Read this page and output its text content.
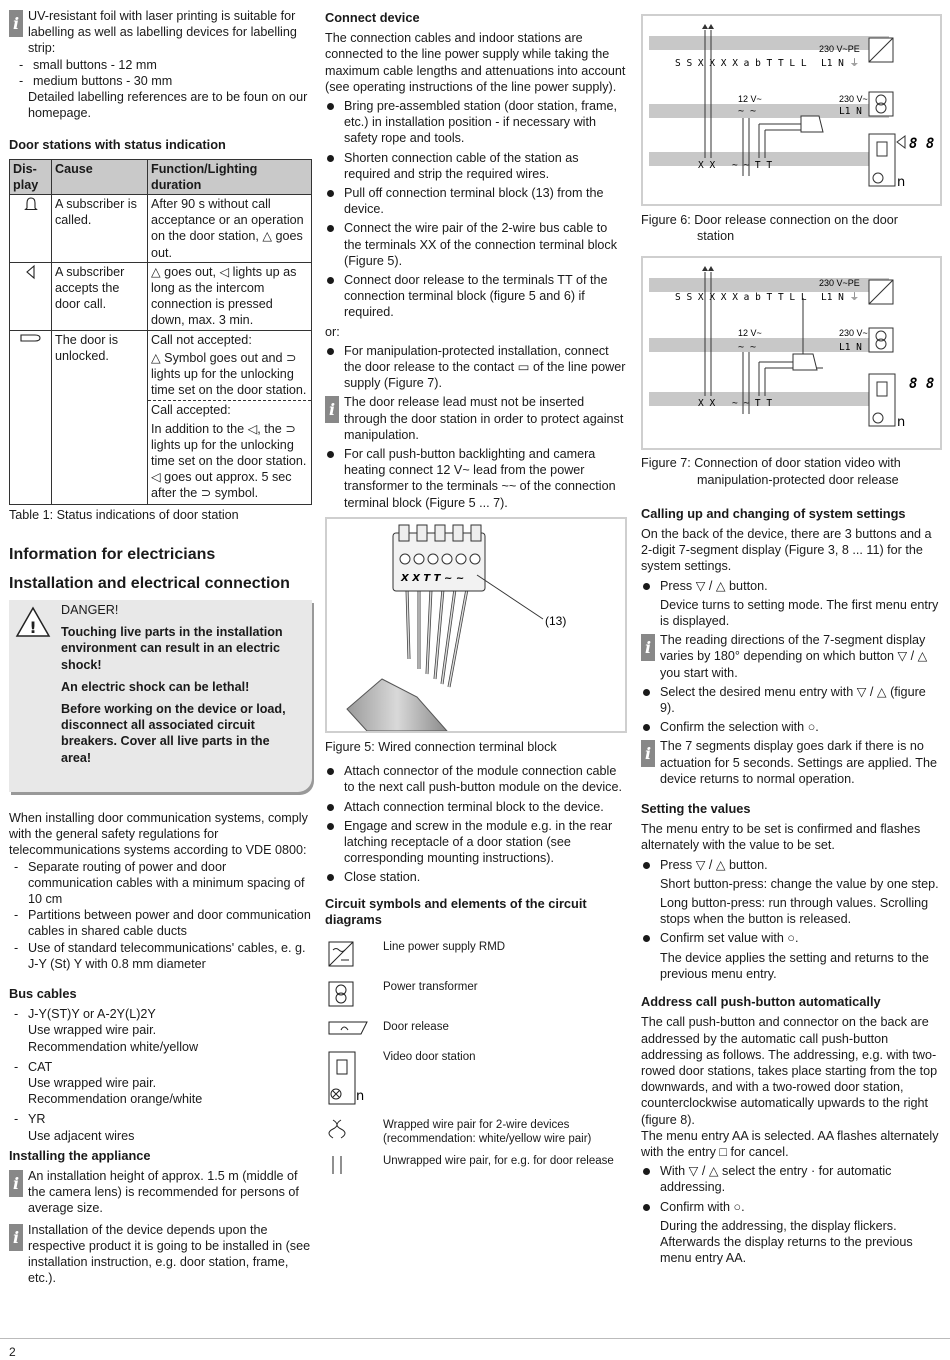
i UV-resistant foil with laser printing is suitable for labelling as well as labelling devices for labelling strip:

- small buttons - 12 mm
- medium buttons - 30 mm

Detailed labelling references are to be foun on our homepage.

Door stations with status indication

Dis-play	Cause	Function/Lighting duration
	A subscriber is called.	After 90 s without call acceptance or an operation on the door station, △ goes out.
	A subscriber accepts the door call.	△ goes out, ◁ lights up as long as the intercom connection is pressed down, max. 3 min.
	The door is unlocked.	Call not accepted:
△ Symbol goes out and ⊃ lights up for the unlocking time set on the door station.
Call accepted:
In addition to the ◁, the ⊃ lights up for the unlocking time set on the door station. ◁ goes out approx. 5 sec after the ⊃ symbol.

Table 1: Status indications of door station

Information for electricians

Installation and electrical connection

!
DANGER!
Touching live parts in the installation environment can result in an electric shock!
An electric shock can be lethal!
Before working on the device or load, disconnect all associated circuit breakers. Cover all live parts in the area!

When installing door communication systems, comply with the general safety regulations for telecommunications systems according to VDE 0800:

- Separate routing of power and door communication cables with a minimum spacing of 10 cm
- Partitions between power and door communication cables in shared cable ducts
- Use of standard telecommunications' cables, e. g. J-Y (St) Y with 0.8 mm diameter

Bus cables

- J-Y(ST)Y or A-2Y(L)2Y
Use wrapped wire pair.
Recommendation white/yellow
- CAT
Use wrapped wire pair.
Recommendation orange/white
- YR
Use adjacent wires

Installing the appliance

i An installation height of approx. 1.5 m (middle of the camera lens) is recommended for persons of average size.

i Installation of the device depends upon the respective product it is going to be installed in (see installation instruction, e.g. door station, frame, etc.).

Connect device

The connection cables and indoor stations are connected to the line power supply while taking the maximum cable lengths and attenuations into account (see operating instructions of the line power supply).

Bring pre-assembled station (door station, frame, etc.) in installation position - if necessary with safety rope and tools.
Shorten connection cable of the station as required and strip the required wires.
Pull off connection terminal block (13) from the device.
Connect the wire pair of the 2-wire bus cable to the terminals XX of the connection terminal block (Figure 5).
Connect door release to the terminals TT of the connection terminal block (figure 5 and 6) if required.

or:

For manipulation-protected installation, connect the door release to the contact ▭ of the line power supply (Figure 7).
i The door release lead must not be inserted through the door station in order to protect against manipulation.

For call push-button backlighting and camera heating connect 12 V~ lead from the power transformer to the terminals ~~ of the connection terminal block (Figure 5 ... 7).
X X T T ~ ~
(13)

Figure 5: Wired connection terminal block

Attach connector of the module connection cable to the next call push-button module on the device.
Attach connection terminal block to the device.
Engage and screw in the module e.g. in the rear latching receptacle of a door station (see corresponding mounting instructions).
Close station.

Circuit symbols and elements of the circuit diagrams

	Line power supply RMD
	Power transformer
	Door release

n	Video door station
	Wrapped wire pair for 2-wire devices (recommendation: white/yellow wire pair)
	Unwrapped wire pair, for e.g. for door release
S S X X X X a b T T L L
230 V~PE
L1 N ⏚
12 V~
~ ~
230 V~
L1 N
X X ~ ~ T T
n
8 8

Figure 6: Door release connection on the door

station

S S X X X X a b T T L L
230 V~PE
L1 N ⏚
12 V~
~ ~
230 V~
L1 N
X X ~ ~ T T
n
8 8

Figure 7: Connection of door station video with

manipulation-protected door release

Calling up and changing of system settings

On the back of the device, there are 3 buttons and a 2-digit 7-segment display (Figure 3, 8 ... 11) for the system settings.

Press ▽ / △ button.

Device turns to setting mode. The first menu entry is displayed.

i The reading directions of the 7-segment display varies by 180° depending on which button ▽ / △ you start with.

Select the desired menu entry with ▽ / △ (figure 9).
Confirm the selection with ○.
i The 7 segments display goes dark if there is no actuation for 5 seconds. Settings are applied. The device returns to normal operation.

Setting the values

The menu entry to be set is confirmed and flashes alternately with the value to be set.

Press ▽ / △ button.

Short button-press: change the value by one step.

Long button-press: run through values. Scrolling stops when the button is released.

Confirm set value with ○.

The device applies the setting and returns to the previous menu entry.

Address call push-button automatically

The call push-button and connector on the back are addressed by the automatic call push-button addressing as follows. The addressing, e.g. with two-rowed door stations, takes place starting from the top downwards, and with a two-rowed door station, counterclockwise automatically upwards to the right (figure 8).

The menu entry AA is selected. AA flashes alternately with the entry □ for cancel.

With ▽ / △ select the entry · for automatic addressing.
Confirm with ○.

During the addressing, the display flickers. Afterwards the display returns to the previous menu entry AA.

2
